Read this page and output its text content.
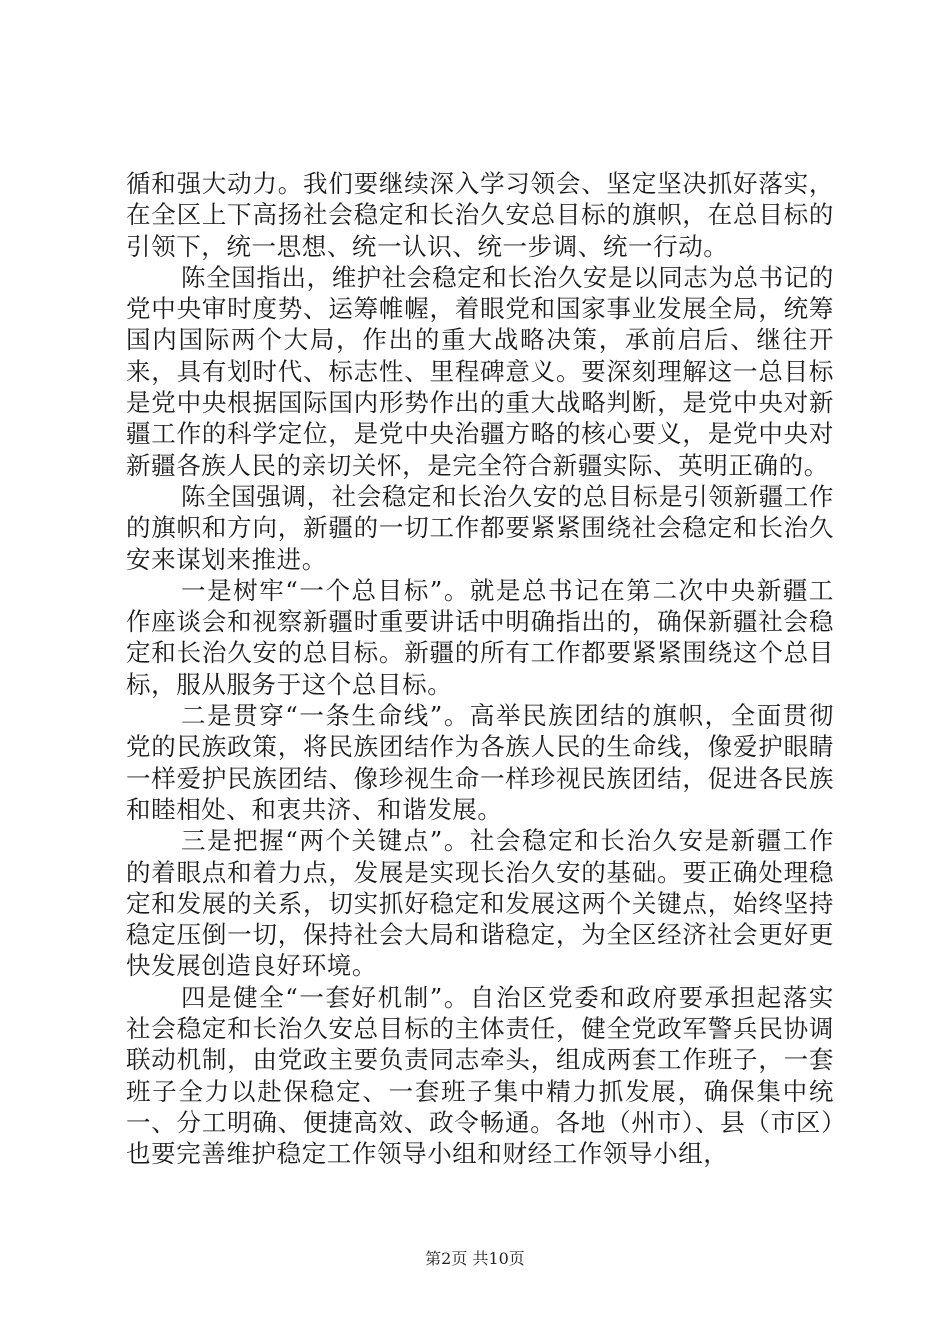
循和强大动力。我们要继续深入学习领会、坚定坚决抓好落实，在全区上下高扬社会稳定和长治久安总目标的旗帜，在总目标的引领下，统一思想、统一认识、统一步调、统一行动。

陈全国指出，维护社会稳定和长治久安是以同志为总书记的党中央审时度势、运筹帷幄，着眼党和国家事业发展全局，统筹国内国际两个大局，作出的重大战略决策，承前启后、继往开来，具有划时代、标志性、里程碑意义。要深刻理解这一总目标是党中央根据国际国内形势作出的重大战略判断，是党中央对新疆工作的科学定位，是党中央治疆方略的核心要义，是党中央对新疆各族人民的亲切关怀，是完全符合新疆实际、英明正确的。

陈全国强调，社会稳定和长治久安的总目标是引领新疆工作的旗帜和方向，新疆的一切工作都要紧紧围绕社会稳定和长治久安来谋划来推进。

一是树牢“一个总目标”。就是总书记在第二次中央新疆工作座谈会和视察新疆时重要讲话中明确指出的，确保新疆社会稳定和长治久安的总目标。新疆的所有工作都要紧紧围绕这个总目标，服从服务于这个总目标。

二是贯穿“一条生命线”。高举民族团结的旗帜，全面贯彻党的民族政策，将民族团结作为各族人民的生命线，像爱护眼睛一样爱护民族团结、像珍视生命一样珍视民族团结，促进各民族和睦相处、和衷共济、和谐发展。

三是把握“两个关键点”。社会稳定和长治久安是新疆工作的着眼点和着力点，发展是实现长治久安的基础。要正确处理稳定和发展的关系，切实抓好稳定和发展这两个关键点，始终坚持稳定压倒一切，保持社会大局和谐稳定，为全区经济社会更好更快发展创造良好环境。

四是健全“一套好机制”。自治区党委和政府要承担起落实社会稳定和长治久安总目标的主体责任，健全党政军警兵民协调联动机制，由党政主要负责同志牵头，组成两套工作班子，一套班子全力以赴保稳定、一套班子集中精力抓发展，确保集中统一、分工明确、便捷高效、政令畅通。各地（州市）、县（市区）也要完善维护稳定工作领导小组和财经工作领导小组，

第2页 共10页
